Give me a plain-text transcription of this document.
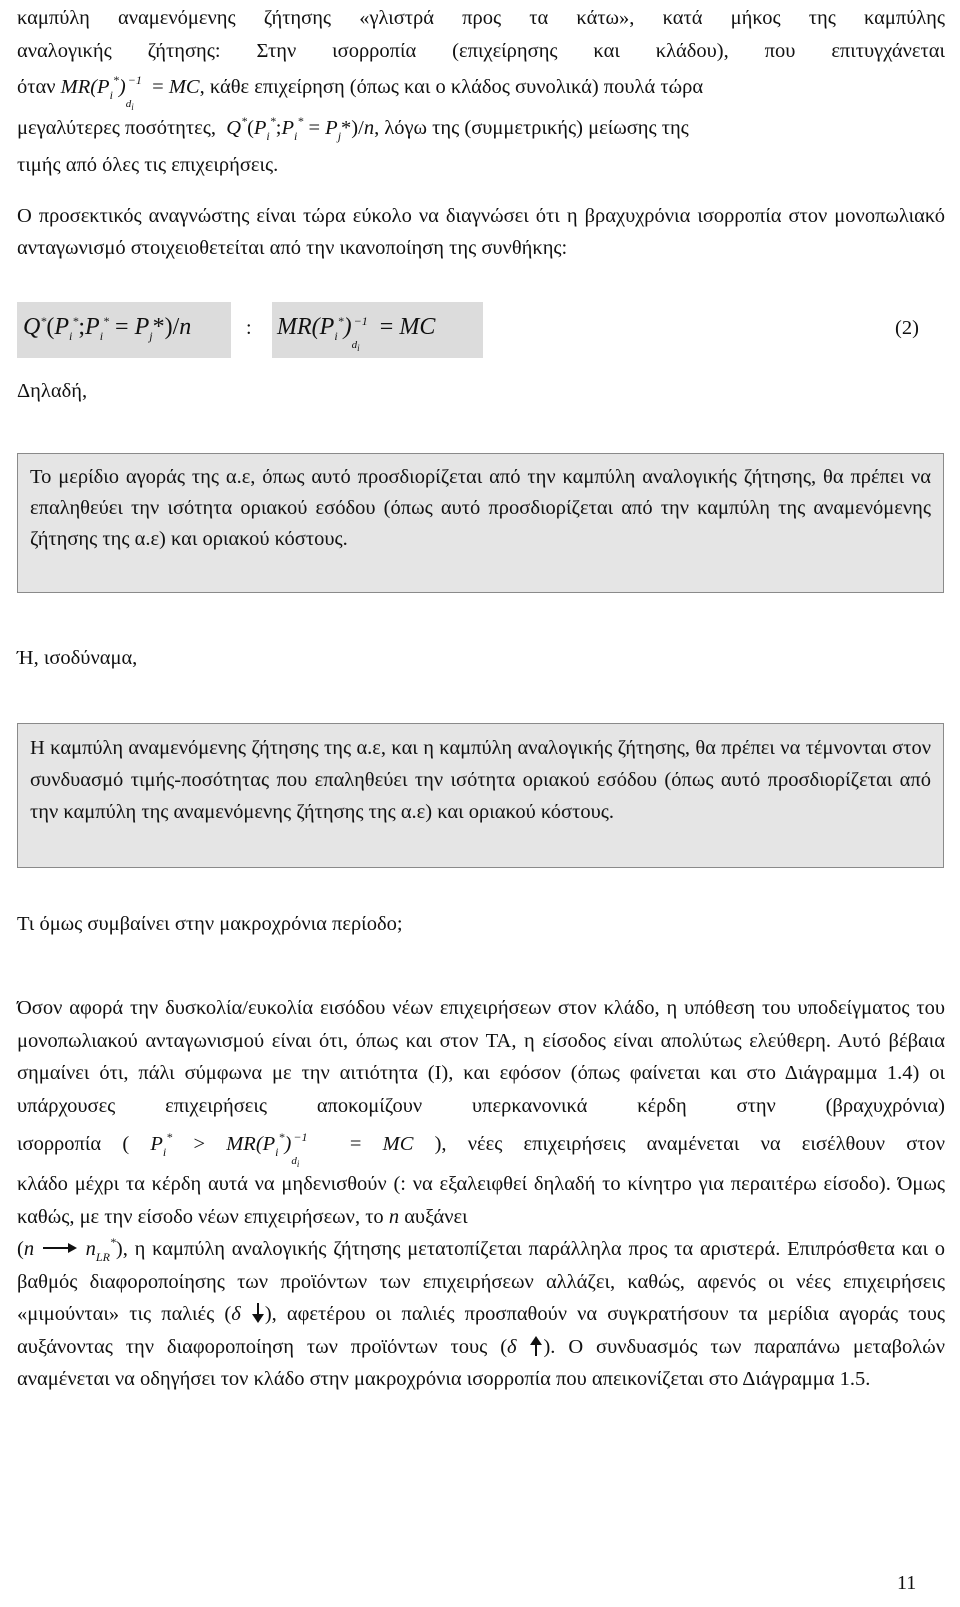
καμπύλη αναμενόμενης ζήτησης «γλιστρά προς τα κάτω», κατά μήκος της καμπύλης

αναλογικής ζήτησης: Στην ισορροπία (επιχείρησης και κλάδου), που επιτυγχάνεται

όταν $MR(P_i^*)_{d_i}^{-1}$ = MC, κάθε επιχείρηση (όπως και ο κλάδος συνολικά) πουλά τώρα

μεγαλύτερες ποσότητες,  $Q^*(P_i^*;P_i^* = P_j*)/n$, λόγω της (συμμετρικής) μείωσης της

τιμής από όλες τις επιχειρήσεις.

Ο προσεκτικός αναγνώστης είναι τώρα εύκολο να διαγνώσει ότι η βραχυχρόνια ισορροπία στον μονοπωλιακό ανταγωνισμό στοιχειοθετείται από την ικανοποίηση της συνθήκης:

$Q^*(P_i^*;P_i^* = P_j*)/n$	: $MR(P_i^*)_{d_i}^{-1}$ = MC	(2)

Δηλαδή,

Το μερίδιο αγοράς της α.ε, όπως αυτό προσδιορίζεται από την καμπύλη αναλογικής ζήτησης, θα πρέπει να επαληθεύει την ισότητα οριακού εσόδου (όπως αυτό προσδιορίζεται από την καμπύλη της αναμενόμενης ζήτησης της α.ε) και οριακού κόστους.

Ή, ισοδύναμα,

Η καμπύλη αναμενόμενης ζήτησης της α.ε, και η καμπύλη αναλογικής ζήτησης, θα πρέπει να τέμνονται στον συνδυασμό τιμής-ποσότητας που επαληθεύει την ισότητα οριακού εσόδου (όπως αυτό προσδιορίζεται από την καμπύλη της αναμενόμενης ζήτησης της α.ε) και οριακού κόστους.

Τι όμως συμβαίνει στην μακροχρόνια περίοδο;

Όσον αφορά την δυσκολία/ευκολία εισόδου νέων επιχειρήσεων στον κλάδο, η υπόθεση του υποδείγματος του μονοπωλιακού ανταγωνισμού είναι ότι, όπως και στον ΤΑ, η είσοδος είναι απολύτως ελεύθερη. Αυτό βέβαια σημαίνει ότι, πάλι σύμφωνα με την αιτιότητα (Ι), και εφόσον (όπως φαίνεται και στο Διάγραμμα 1.4) οι υπάρχουσες επιχειρήσεις αποκομίζουν υπερκανονικά κέρδη στην (βραχυχρόνια)

ισορροπία ( $P_i^* > MR(P_i^*)_{d_i}^{-1}$ = MC ), νέες επιχειρήσεις αναμένεται να εισέλθουν στον

κλάδο μέχρι τα κέρδη αυτά να μηδενισθούν (: να εξαλειφθεί δηλαδή το κίνητρο για περαιτέρω είσοδο). Όμως καθώς, με την είσοδο νέων επιχειρήσεων, το n αυξάνει
(n  $n_{LR}^*$), η καμπύλη αναλογικής ζήτησης μετατοπίζεται παράλληλα προς τα αριστερά. Επιπρόσθετα και ο βαθμός διαφοροποίησης των προϊόντων των επιχειρήσεων αλλάζει, καθώς, αφενός οι νέες επιχειρήσεις «μιμούνται» τις παλιές (δ ), αφετέρου οι παλιές προσπαθούν να συγκρατήσουν τα μερίδια αγοράς τους αυξάνοντας την διαφοροποίηση των προϊόντων τους (δ ). Ο συνδυασμός των παραπάνω μεταβολών αναμένεται να οδηγήσει τον κλάδο στην μακροχρόνια ισορροπία που απεικονίζεται στο Διάγραμμα 1.5.

11
